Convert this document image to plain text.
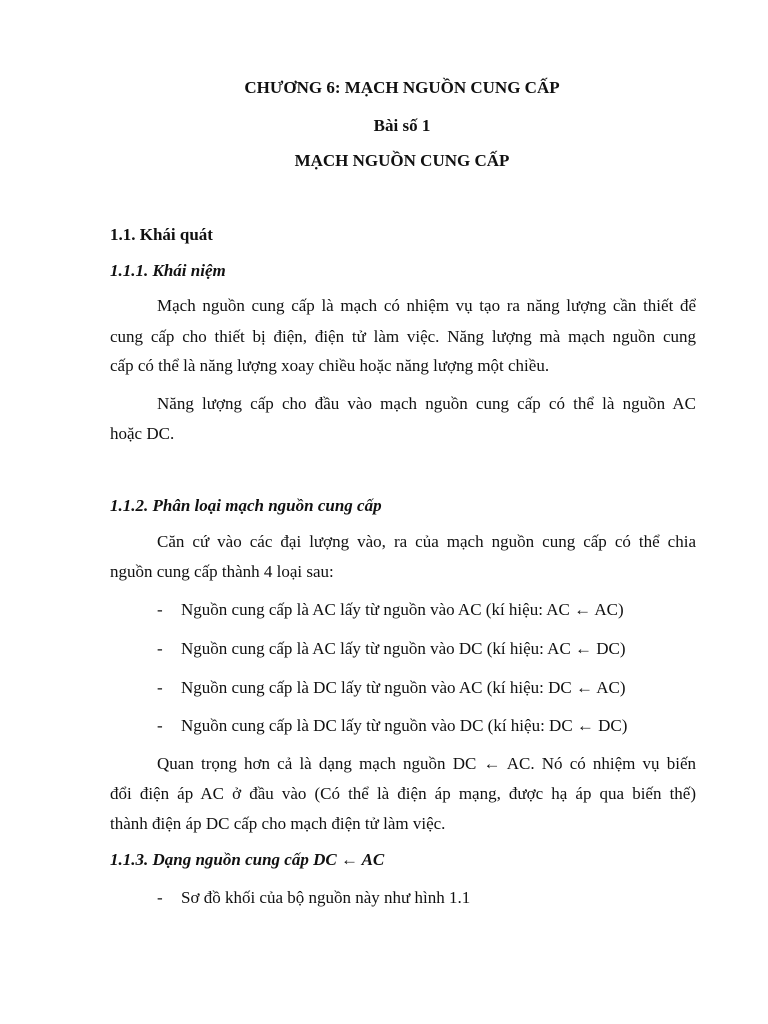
CHƯƠNG 6: MẠCH NGUỒN CUNG CẤP
Bài số 1
MẠCH NGUỒN CUNG CẤP
1.1. Khái quát
1.1.1. Khái niệm
Mạch nguồn cung cấp là mạch có nhiệm vụ tạo ra năng lượng cần thiết để
cung cấp cho thiết bị điện, điện tử làm việc. Năng lượng mà mạch nguồn cung
cấp có thể là năng lượng xoay chiều hoặc năng lượng một chiều.
Năng lượng cấp cho đầu vào mạch nguồn cung cấp có thể là nguồn AC
hoặc DC.
1.1.2. Phân loại mạch nguồn cung cấp
Căn cứ vào các đại lượng vào, ra của mạch nguồn cung cấp có thể chia
nguồn cung cấp thành 4 loại sau:
- Nguồn cung cấp là AC lấy từ nguồn vào AC (kí hiệu: AC ← AC)
- Nguồn cung cấp là AC lấy từ nguồn vào DC (kí hiệu: AC ← DC)
- Nguồn cung cấp là DC lấy từ nguồn vào AC (kí hiệu: DC ← AC)
- Nguồn cung cấp là DC lấy từ nguồn vào DC (kí hiệu: DC ← DC)
Quan trọng hơn cả là dạng mạch nguồn DC ← AC. Nó có nhiệm vụ biến
đổi điện áp AC ở đầu vào (Có thể là điện áp mạng, được hạ áp qua biến thế)
thành điện áp DC cấp cho mạch điện tử làm việc.
1.1.3. Dạng nguồn cung cấp DC ← AC
- Sơ đồ khối của bộ nguồn này như hình 1.1
